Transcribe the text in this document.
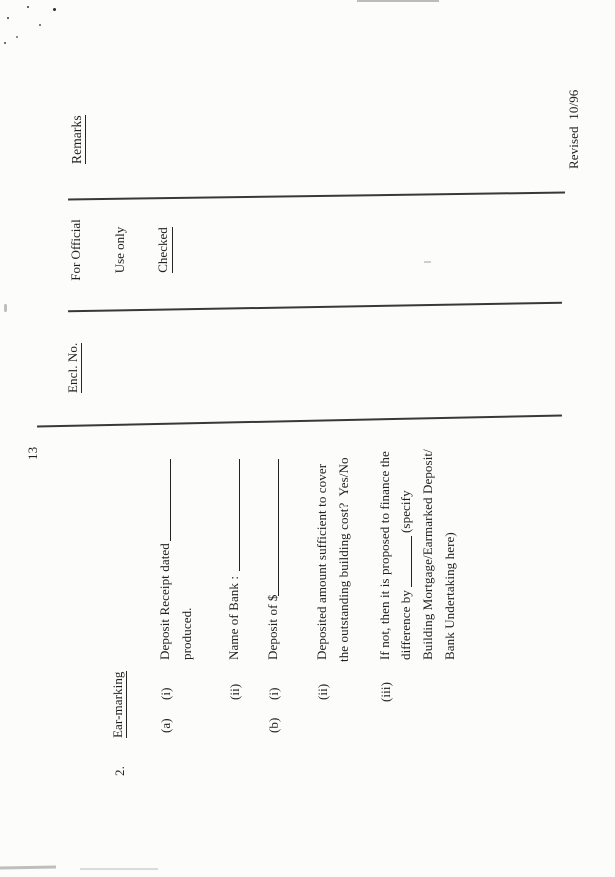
13
2.
Ear-marking	(a)
(i)
Deposit Receipt dated produced.
(ii)
Name of Bank :
(b)
(i)
Deposit of $
(ii)
Deposited amount sufficient to cover the outstanding building cost?  Yes/No
(iii)
If not, then it is proposed to finance the difference by
(specify Building Mortgage/Earmarked Deposit/ Bank Undertaking here)
Encl. No.

For Official

Use only

Checked

Remarks	Revised  10/96
